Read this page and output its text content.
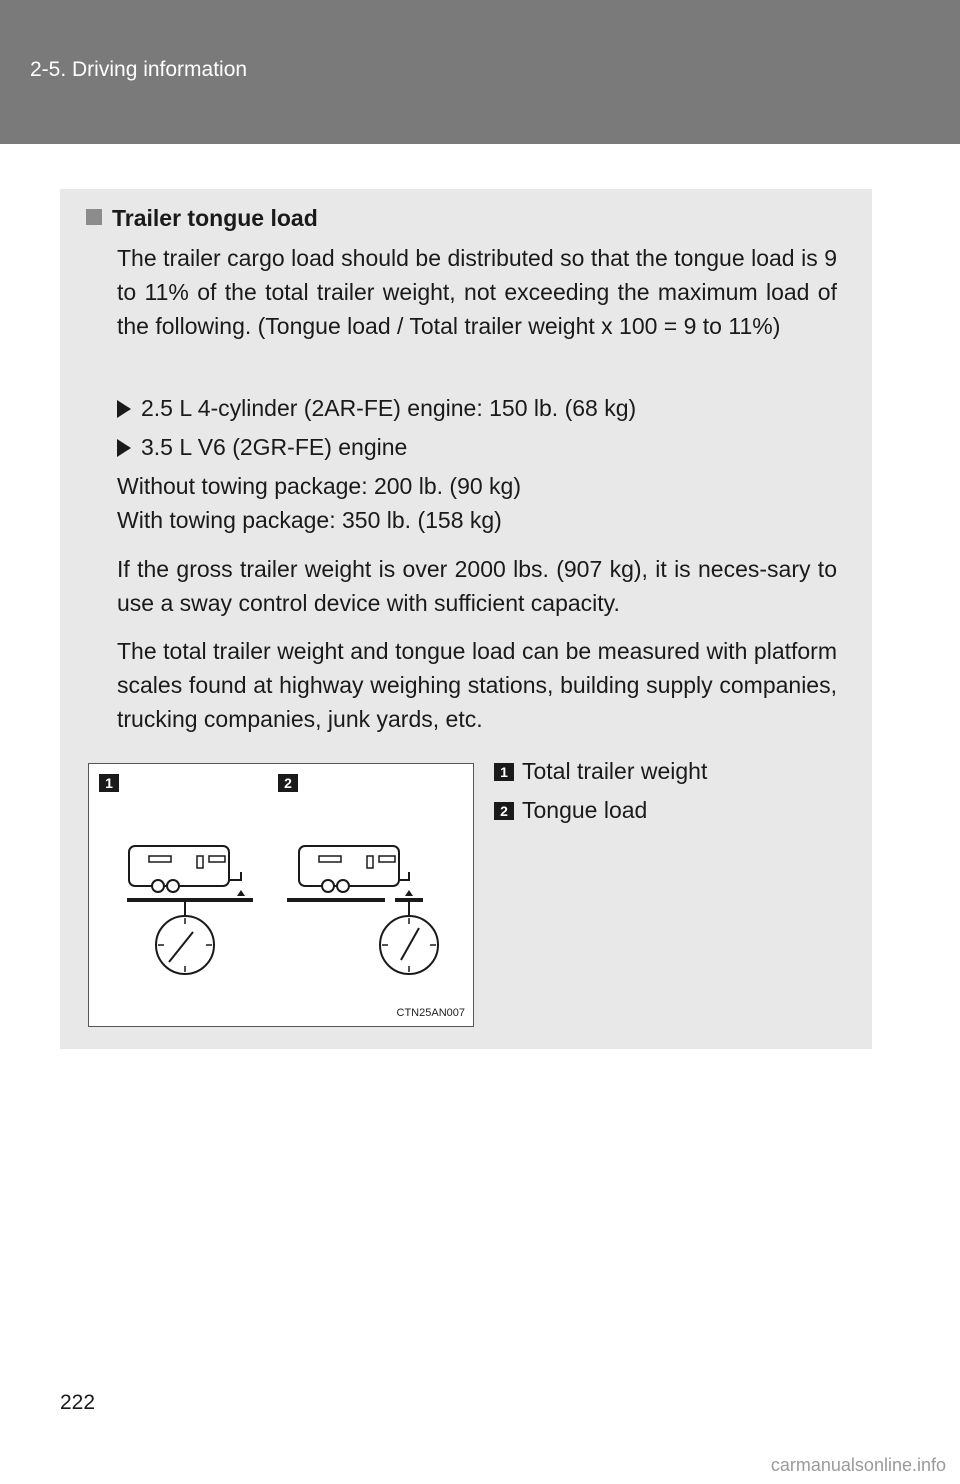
2-5. Driving information
Trailer tongue load
The trailer cargo load should be distributed so that the tongue load is 9 to 11% of the total trailer weight, not exceeding the maximum load of the following. (Tongue load / Total trailer weight x 100 = 9 to 11%)
2.5 L 4-cylinder (2AR-FE) engine: 150 lb. (68 kg)
3.5 L V6 (2GR-FE) engine
Without towing package: 200 lb. (90 kg)
With towing package: 350 lb. (158 kg)
If the gross trailer weight is over 2000 lbs. (907 kg), it is neces-sary to use a sway control device with sufficient capacity.
The total trailer weight and tongue load can be measured with platform scales found at highway weighing stations, building supply companies, trucking companies, junk yards, etc.
1	2
CTN25AN007
1 Total trailer weight
2 Tongue load
222
carmanualsonline.info
